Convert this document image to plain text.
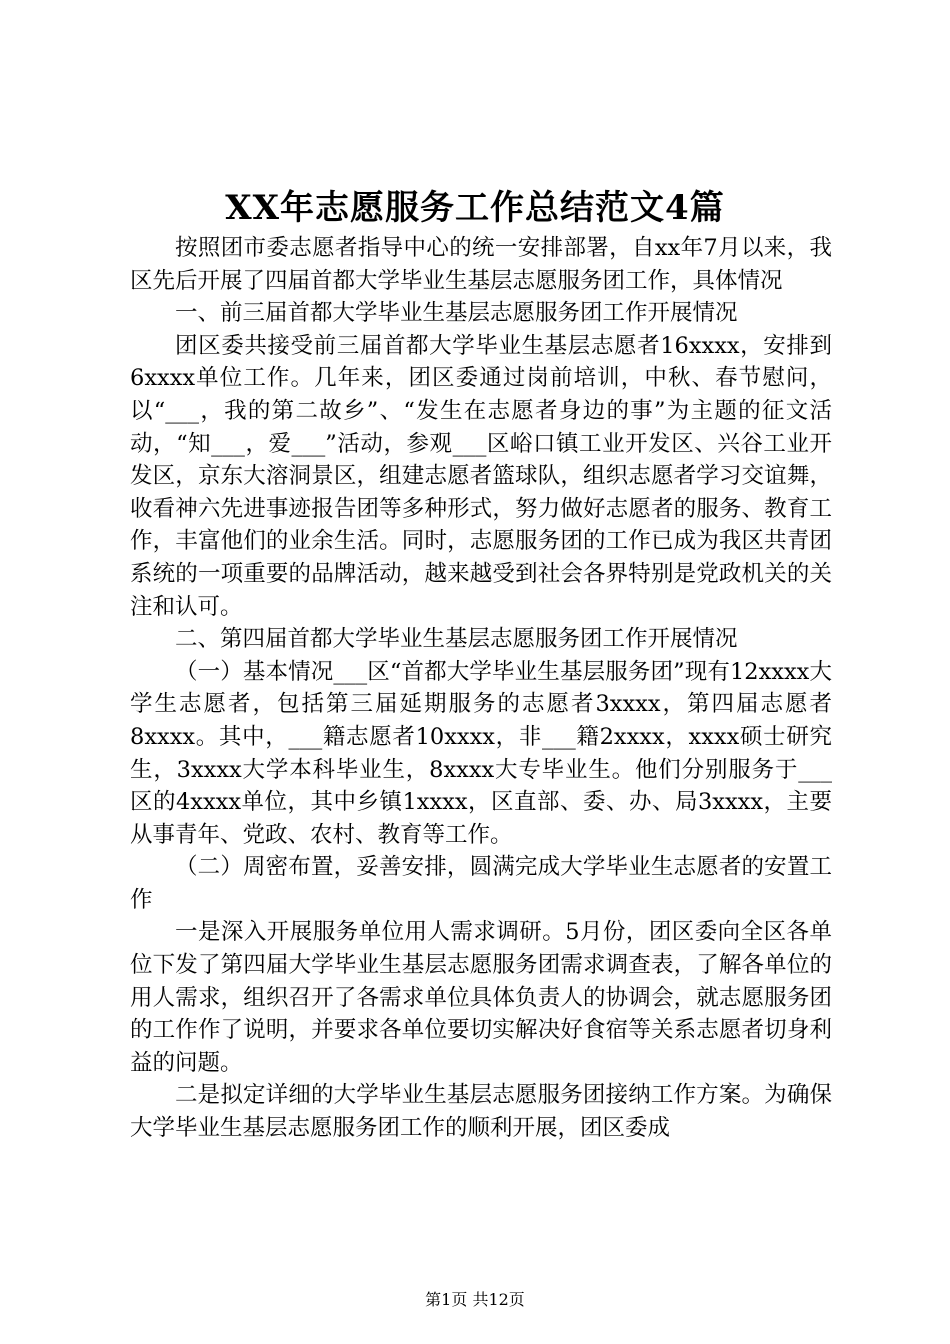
XX年志愿服务工作总结范文4篇

按照团市委志愿者指导中心的统一安排部署，自xx年7月以来，我区先后开展了四届首都大学毕业生基层志愿服务团工作，具体情况

一、前三届首都大学毕业生基层志愿服务团工作开展情况

团区委共接受前三届首都大学毕业生基层志愿者16xxxx，安排到6xxxx单位工作。几年来，团区委通过岗前培训，中秋、春节慰问，以“___，我的第二故乡”、“发生在志愿者身边的事”为主题的征文活动，“知___，爱___”活动，参观___区峪口镇工业开发区、兴谷工业开发区，京东大溶洞景区，组建志愿者篮球队，组织志愿者学习交谊舞，收看神六先进事迹报告团等多种形式，努力做好志愿者的服务、教育工作，丰富他们的业余生活。同时，志愿服务团的工作已成为我区共青团系统的一项重要的品牌活动，越来越受到社会各界特别是党政机关的关注和认可。

二、第四届首都大学毕业生基层志愿服务团工作开展情况

（一）基本情况___区“首都大学毕业生基层服务团”现有12xxxx大学生志愿者，包括第三届延期服务的志愿者3xxxx，第四届志愿者8xxxx。其中，___籍志愿者10xxxx，非___籍2xxxx，xxxx硕士研究生，3xxxx大学本科毕业生，8xxxx大专毕业生。他们分别服务于___区的4xxxx单位，其中乡镇1xxxx，区直部、委、办、局3xxxx，主要从事青年、党政、农村、教育等工作。

（二）周密布置，妥善安排，圆满完成大学毕业生志愿者的安置工作

一是深入开展服务单位用人需求调研。5月份，团区委向全区各单位下发了第四届大学毕业生基层志愿服务团需求调查表，了解各单位的用人需求，组织召开了各需求单位具体负责人的协调会，就志愿服务团的工作作了说明，并要求各单位要切实解决好食宿等关系志愿者切身利益的问题。

二是拟定详细的大学毕业生基层志愿服务团接纳工作方案。为确保大学毕业生基层志愿服务团工作的顺利开展，团区委成

第1页 共12页
